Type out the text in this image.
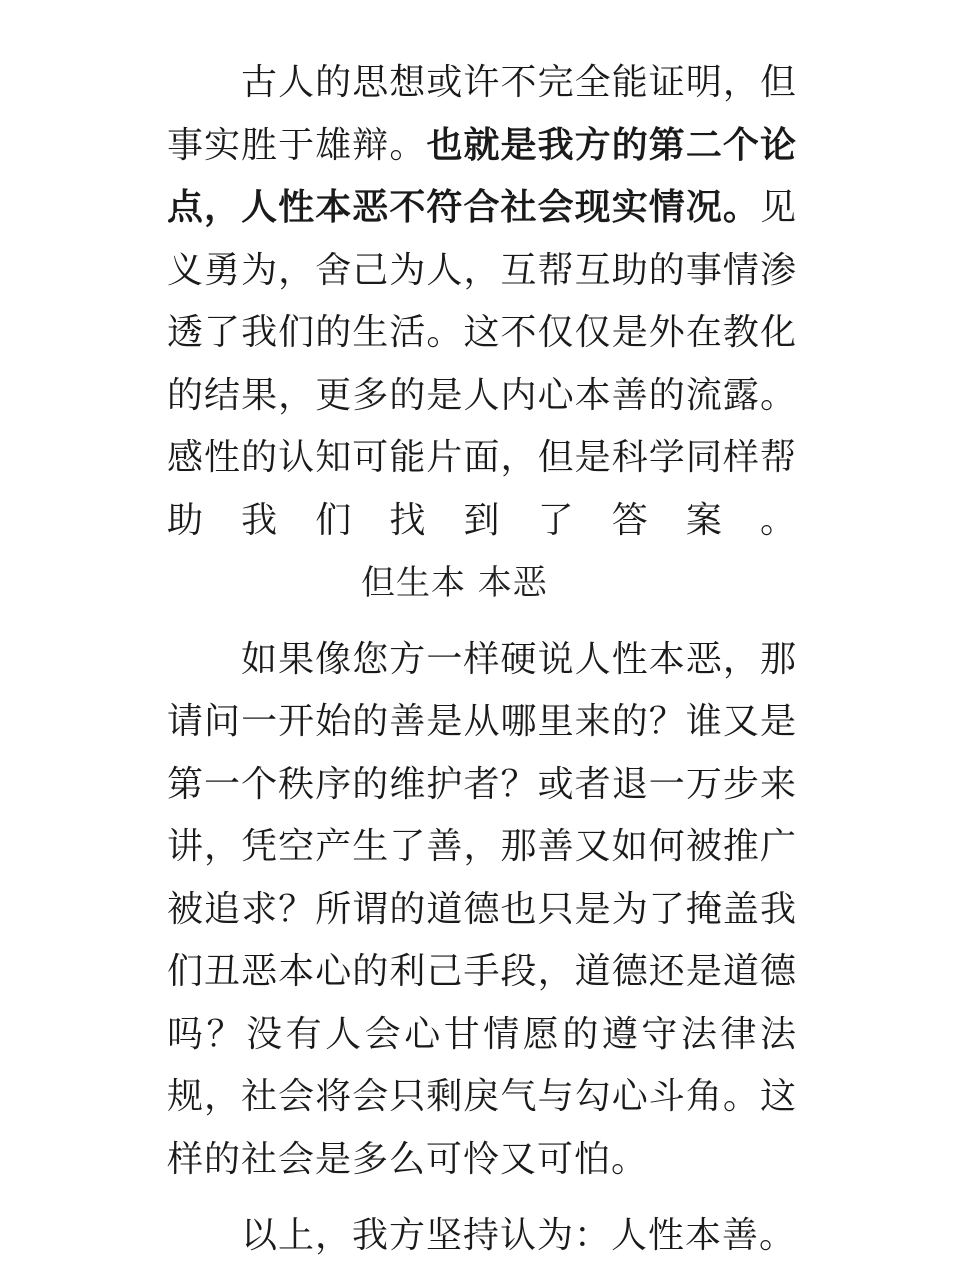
古人的思想或许不完全能证明，但事实胜于雄辩。也就是我方的第二个论点，人性本恶不符合社会现实情况。见义勇为，舍己为人，互帮互助的事情渗透了我们的生活。这不仅仅是外在教化的结果，更多的是人内心本善的流露。感性的认知可能片面，但是科学同样帮助我们找到了答案。但生本 本恶

如果像您方一样硬说人性本恶，那请问一开始的善是从哪里来的？谁又是第一个秩序的维护者？或者退一万步来讲，凭空产生了善，那善又如何被推广被追求？所谓的道德也只是为了掩盖我们丑恶本心的利己手段，道德还是道德吗？没有人会心甘情愿的遵守法律法规，社会将会只剩戾气与勾心斗角。这样的社会是多么可怜又可怕。

以上，我方坚持认为：人性本善。
